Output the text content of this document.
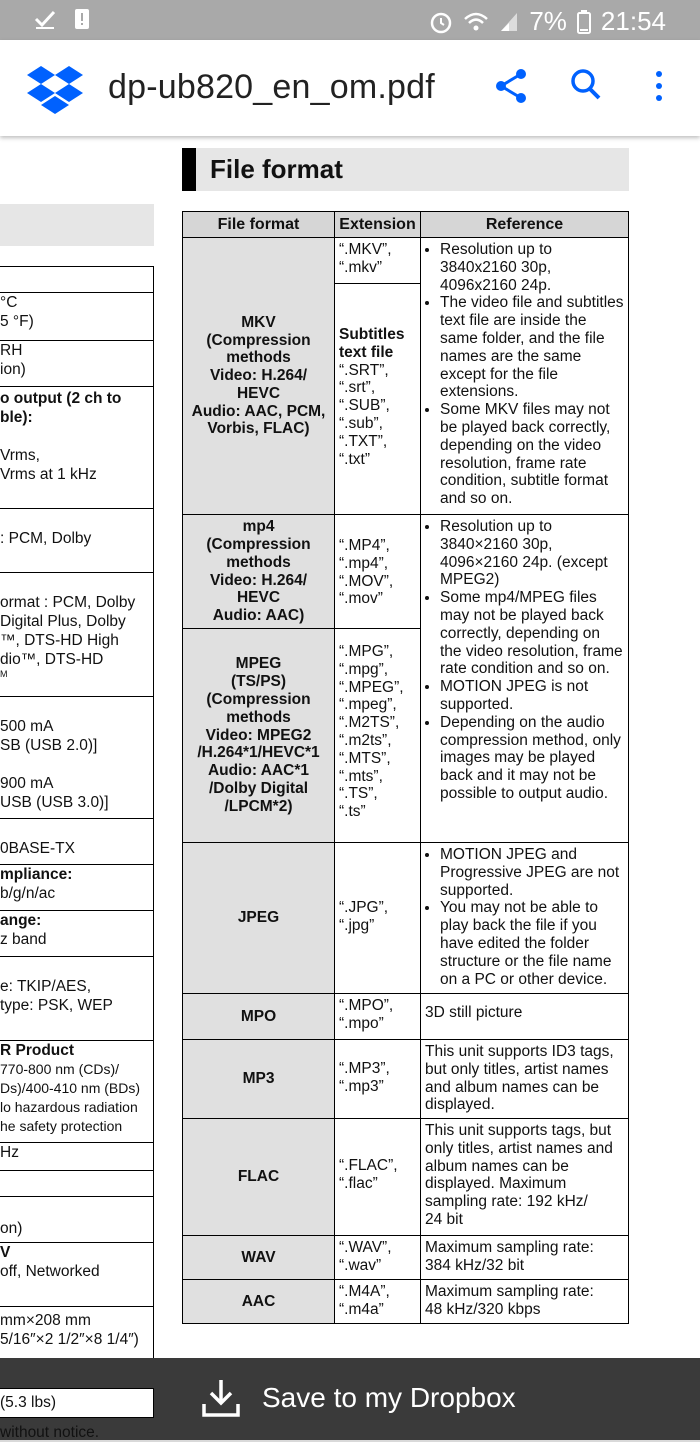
7% 21:54
dp-ub820_en_om.pdf
°C
5 °F)
RH
ion)
o output (2 ch to
ble):

Vrms,
Vrms at 1 kHz
: PCM, Dolby
ormat : PCM, Dolby
Digital Plus, Dolby
™, DTS-HD High
dio™, DTS-HD
M
500 mA
SB (USB 2.0)]

900 mA
USB (USB 3.0)]
0BASE-TX
mpliance:
b/g/n/ac
ange:
z band
e: TKIP/AES,
type: PSK, WEP
R Product
770-800 nm (CDs)/
Ds)/400-410 nm (BDs)
lo hazardous radiation
he safety protection
Hz
on)
V
off, Networked
mm×208 mm
5/16″×2 1/2″×8 1/4″)
File format
File format	Extension	Reference
MKV
(Compression
methods
Video: H.264/
HEVC
Audio: AAC, PCM,
Vorbis, FLAC)
“.MKV”,
“.mkv”
Subtitles text file
“.SRT”,
“.srt”,
“.SUB”,
“.sub”,
“.TXT”,
“.txt”
• Resolution up to 3840x2160 30p, 4096x2160 24p.
• The video file and subtitles text file are inside the same folder, and the file names are the same except for the file extensions.
• Some MKV files may not be played back correctly, depending on the video resolution, frame rate condition, subtitle format and so on.
mp4
(Compression
methods
Video: H.264/
HEVC
Audio: AAC)
“.MP4”,
“.mp4”,
“.MOV”,
“.mov”
MPEG
(TS/PS)
(Compression
methods
Video: MPEG2
/H.264*1/HEVC*1
Audio: AAC*1
/Dolby Digital
/LPCM*2)
“.MPG”,
“.mpg”,
“.MPEG”,
“.mpeg”,
“.M2TS”,
“.m2ts”,
“.MTS”,
“.mts”,
“.TS”,
“.ts”
• Resolution up to 3840×2160 30p, 4096×2160 24p. (except MPEG2)
• Some mp4/MPEG files may not be played back correctly, depending on the video resolution, frame rate condition and so on.
• MOTION JPEG is not supported.
• Depending on the audio compression method, only images may be played back and it may not be possible to output audio.
JPEG
“.JPG”,
“.jpg”
• MOTION JPEG and Progressive JPEG are not supported.
• You may not be able to play back the file if you have edited the folder structure or the file name on a PC or other device.
MPO
“.MPO”,
“.mpo”
3D still picture
MP3
“.MP3”,
“.mp3”
This unit supports ID3 tags, but only titles, artist names and album names can be displayed.
FLAC
“.FLAC”,
“.flac”
This unit supports tags, but only titles, artist names and album names can be displayed. Maximum sampling rate: 192 kHz/
24 bit
WAV
“.WAV”,
“.wav”
Maximum sampling rate:
384 kHz/32 bit
AAC
“.M4A”,
“.m4a”
Maximum sampling rate:
48 kHz/320 kbps
Save to my Dropbox
(5.3 lbs)
without notice.
